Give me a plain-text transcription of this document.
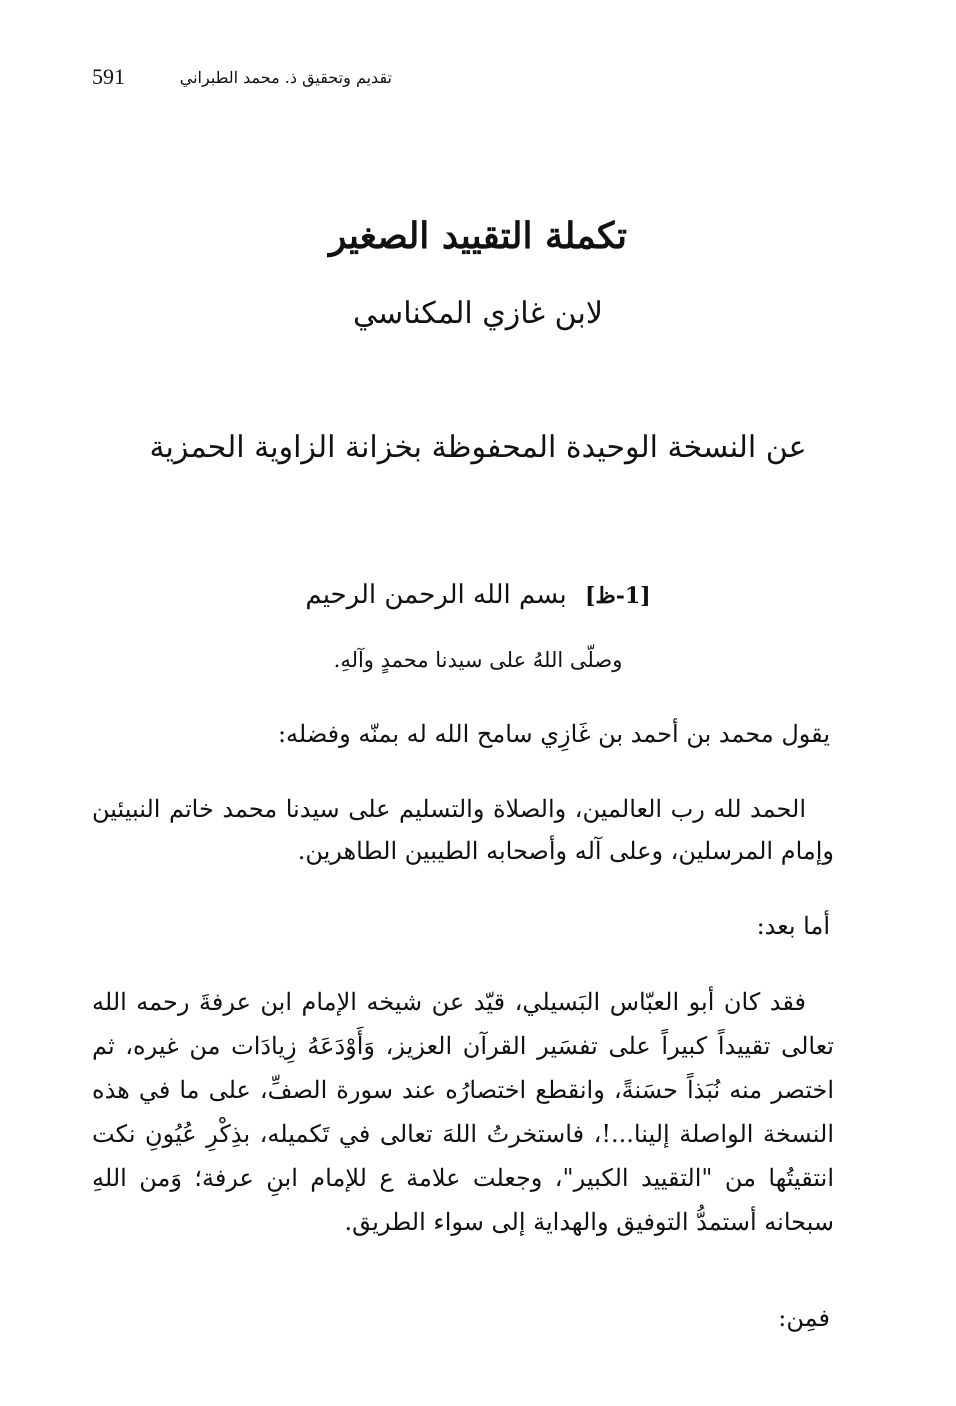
591	تقديم وتحقيق ذ. محمد الطبراني
تكملة التقييد الصغير
لابن غازي المكناسي
عن النسخة الوحيدة المحفوظة بخزانة الزاوية الحمزية
[1-ظ] بسم الله الرحمن الرحيم
وصلّى اللهُ على سيدنا محمدٍ وآلهِ.
يقول محمد بن أحمد بن غَازِي سامح الله له بمنّه وفضله:

الحمد لله رب العالمين، والصلاة والتسليم على سيدنا محمد خاتم النبيئين وإمام المرسلين، وعلى آله وأصحابه الطيبين الطاهرين.

أما بعد:

فقد كان أبو العبّاس البَسيلي، قيّد عن شيخه الإمام ابن عرفةَ رحمه الله تعالى تقييداً كبيراً على تفسَير القرآن العزيز، وَأَوْدَعَهُ زِيادَات من غيره، ثم اختصر منه نُبَذاً حسَنةً، وانقطع اختصارُه عند سورة الصفِّ، على ما في هذه النسخة الواصلة إلينا...!، فاستخرتُ اللهَ تعالى في تَكميله، بذِكْرِ عُيُونِ نكت انتقيتُها من "التقييد الكبير"، وجعلت علامة ع للإمام ابنِ عرفة؛ وَمن اللهِ سبحانه أستمدُّ التوفيق والهداية إلى سواء الطريق.

فمِن:
